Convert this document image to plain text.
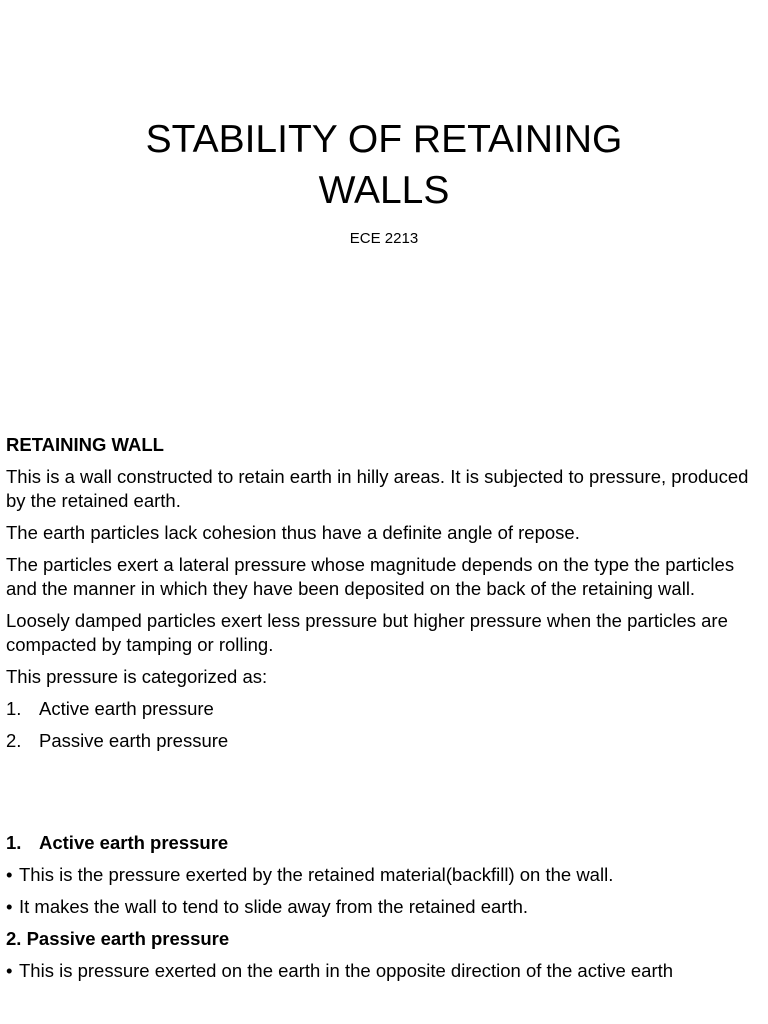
STABILITY OF RETAINING
WALLS
ECE 2213

RETAINING WALL

This is a wall constructed to retain earth in hilly areas. It is subjected to pressure, produced by the retained earth.

The earth particles lack cohesion thus have a definite angle of repose.

The particles exert a lateral pressure whose magnitude depends on the type the particles and the manner in which they have been deposited on the back of the retaining wall.

Loosely damped particles exert less pressure but higher pressure when the particles are compacted by tamping or rolling.

This pressure is categorized as:

1. Active earth pressure
2. Passive earth pressure
1. Active earth pressure
• This is the pressure exerted by the retained material(backfill) on the wall.
• It makes the wall to tend to slide away from the retained earth.

2. Passive earth pressure

• This is pressure exerted on the earth in the opposite direction of the active earth
